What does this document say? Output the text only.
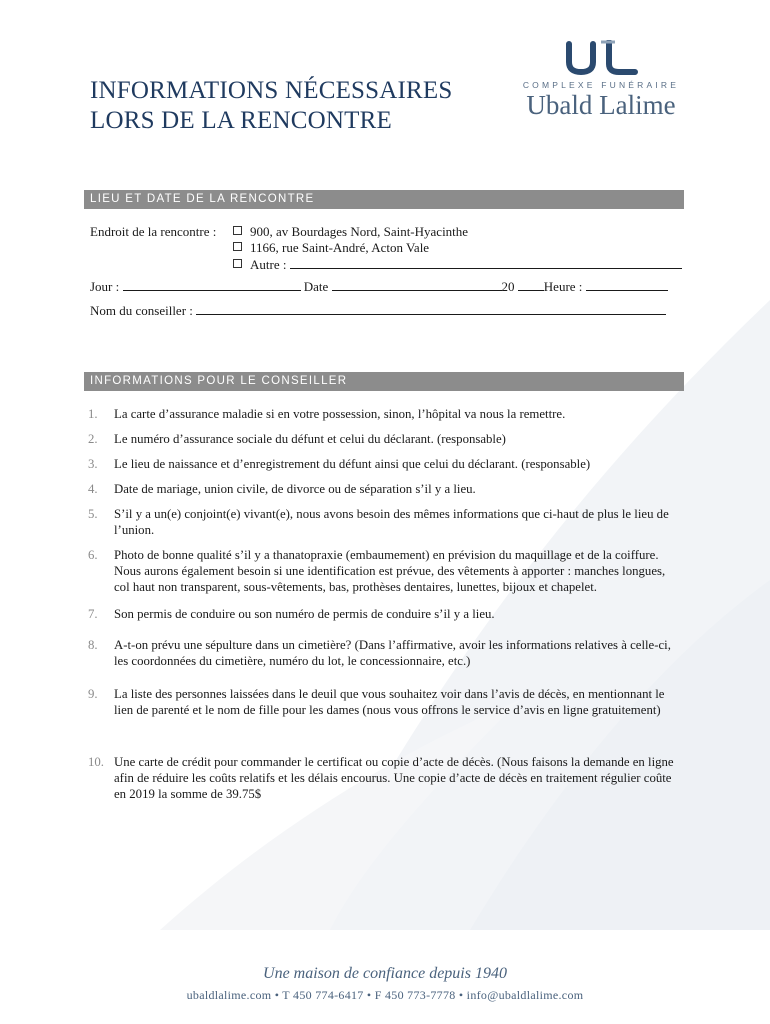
INFORMATIONS NÉCESSAIRES
LORS DE LA RENCONTRE
COMPLEXE FUNÉRAIRE
Ubald Lalime
LIEU ET DATE DE LA RENCONTRE
Endroit de la rencontre :	900, av Bourdages Nord, Saint-Hyacinthe
1166, rue Saint-André, Acton Vale
Autre :
Jour :	Date	20 Heure :
Nom du conseiller :
INFORMATIONS POUR LE CONSEILLER
1.	La carte d’assurance maladie si en votre possession, sinon, l’hôpital va nous la remettre.
2.	Le numéro d’assurance sociale du défunt et celui du déclarant. (responsable)
3.	Le lieu de naissance et d’enregistrement du défunt ainsi que celui du déclarant. (responsable)
4.	Date de mariage, union civile, de divorce ou de séparation s’il y a lieu.
5.	S’il y a un(e) conjoint(e) vivant(e), nous avons besoin des mêmes informations que ci-haut de plus le lieu de l’union.
6.	Photo de bonne qualité s’il y a thanatopraxie (embaumement) en prévision du maquillage et de la coiffure. Nous aurons également besoin si une identification est prévue, des vêtements à apporter : manches longues, col haut non transparent, sous-vêtements, bas, prothèses dentaires, lunettes, bijoux et chapelet.
7.	Son permis de conduire ou son numéro de permis de conduire s’il y a lieu.
8.	A-t-on prévu une sépulture dans un cimetière? (Dans l’affirmative, avoir les informations relatives à celle-ci, les coordonnées du cimetière, numéro du lot, le concessionnaire, etc.)
9.	La liste des personnes laissées dans le deuil que vous souhaitez voir dans l’avis de décès, en mentionnant le lien de parenté et le nom de fille pour les dames (nous vous offrons le service d’avis en ligne gratuitement)
10. Une carte de crédit pour commander le certificat ou copie d’acte de décès. (Nous faisons la demande en ligne afin de réduire les coûts relatifs et les délais encourus. Une copie d’acte de décès en traitement régulier coûte en 2019 la somme de 39.75$
Une maison de confiance depuis 1940
ubaldlalime.com • T 450 774-6417 • F 450 773-7778 • info@ubaldlalime.com
